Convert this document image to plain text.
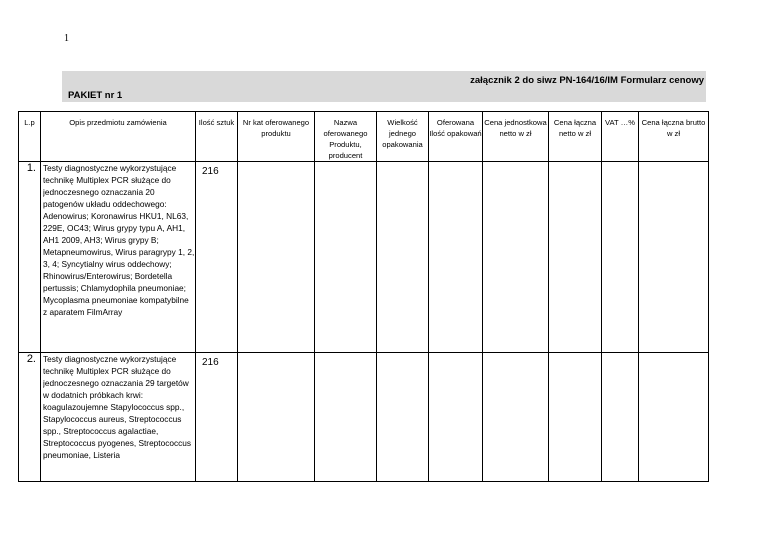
1
załącznik 2 do siwz PN-164/16/IM Formularz cenowy
PAKIET nr 1
L.p	Opis przedmiotu zamówienia	Ilość sztuk	Nr kat oferowanego produktu	Nazwa oferowanego Produktu, producent	Wielkość jednego opakowania	Oferowana Ilość opakowań	Cena jednostkowa netto w zł	Cena łączna netto w zł	VAT …%	Cena łączna brutto w zł
1.	Testy diagnostyczne wykorzystujące technikę Multiplex PCR służące do jednoczesnego oznaczania 20 patogenów układu oddechowego: Adenowirus; Koronawirus HKU1, NL63, 229E, OC43; Wirus grypy typu A, AH1, AH1 2009, AH3; Wirus grypy B; Metapneumowirus, Wirus paragrypy 1, 2, 3, 4; Syncytialny wirus oddechowy; Rhinowirus/Enterowirus; Bordetella pertussis; Chlamydophila pneumoniae; Mycoplasma pneumoniae kompatybilne z aparatem FilmArray	216								
2.	Testy diagnostyczne wykorzystujące technikę Multiplex PCR służące do jednoczesnego oznaczania 29 targetów w dodatnich próbkach krwi: koagulazoujemne Stapylococcus spp., Stapylococcus aureus, Streptococcus spp., Streptococcus agalactiae, Streptococcus pyogenes, Streptococcus pneumoniae, Listeria	216								
